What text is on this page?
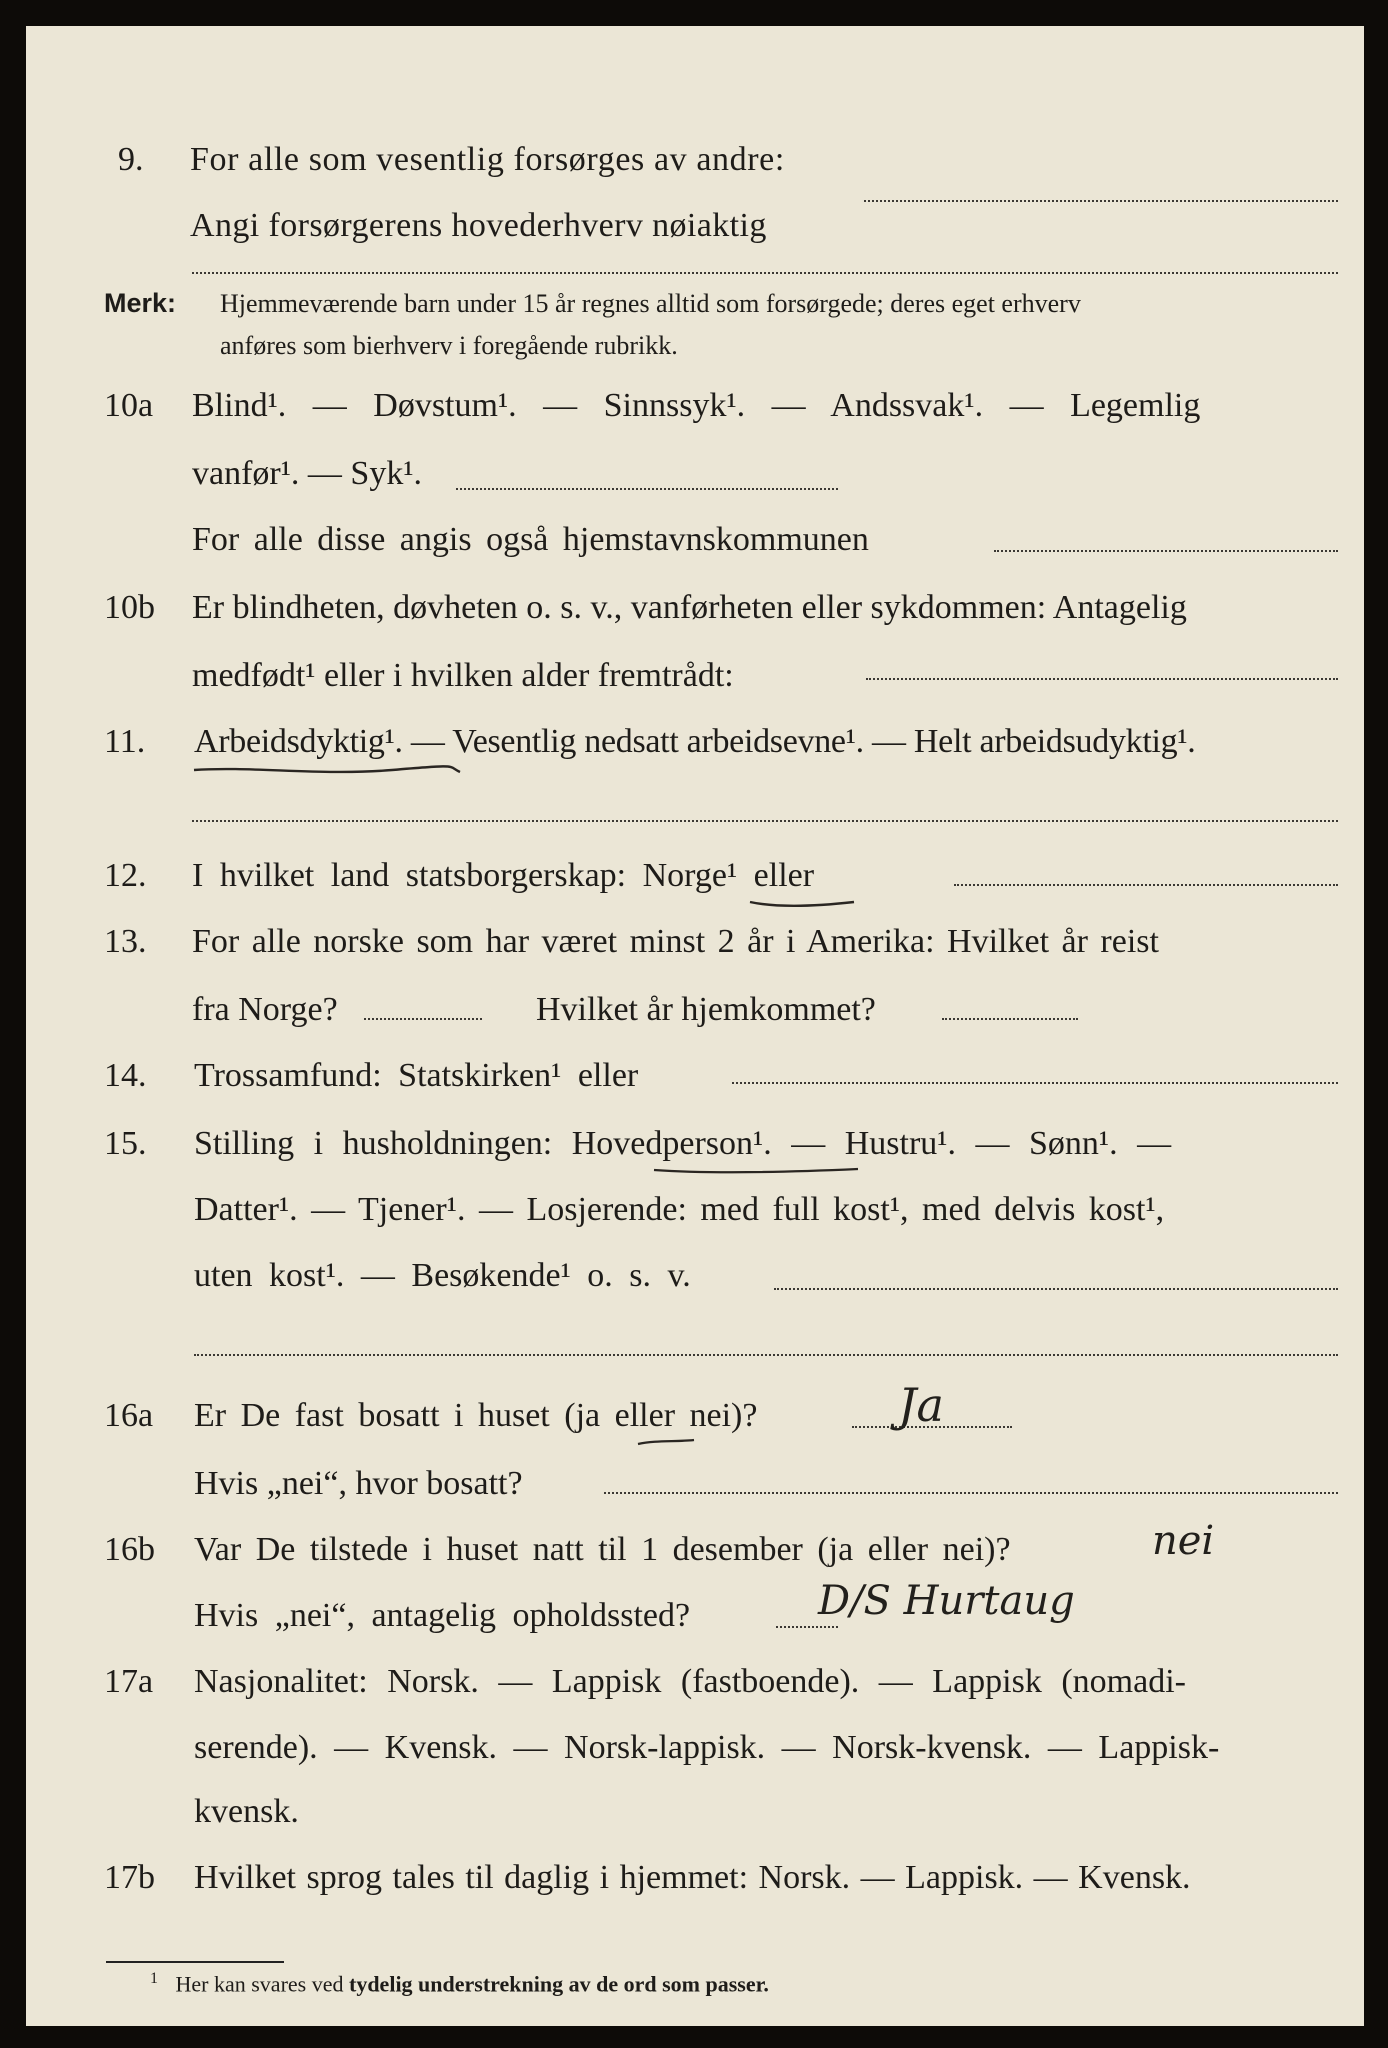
9. For alle som vesentlig forsørges av andre:
Angi forsørgerens hovederhverv nøiaktig
Merk: Hjemmeværende barn under 15 år regnes alltid som forsørgede; deres eget erhverv
anføres som bierhverv i foregående rubrikk.
10a Blind¹. — Døvstum¹. — Sinnssyk¹. — Andssvak¹. — Legemlig
vanfør¹. — Syk¹.
For alle disse angis også hjemstavnskommunen
10b Er blindheten, døvheten o. s. v., vanførheten eller sykdommen: Antagelig
medfødt¹ eller i hvilken alder fremtrådt:
11. Arbeidsdyktig¹. — Vesentlig nedsatt arbeidsevne¹. — Helt arbeidsudyktig¹.
12. I hvilket land statsborgerskap: Norge¹ eller
13. For alle norske som har været minst 2 år i Amerika: Hvilket år reist
fra Norge?	Hvilket år hjemkommet?
14. Trossamfund: Statskirken¹ eller
15. Stilling i husholdningen: Hovedperson¹. — Hustru¹. — Sønn¹. —
Datter¹. — Tjener¹. — Losjerende: med full kost¹, med delvis kost¹,
uten kost¹. — Besøkende¹ o. s. v.
16a Er De fast bosatt i huset (ja eller nei)?	Ja
Hvis „nei“, hvor bosatt?
16b Var De tilstede i huset natt til 1 desember (ja eller nei)?	nei
Hvis „nei“, antagelig opholdssted?	D/S Hurtaug
17a Nasjonalitet: Norsk. — Lappisk (fastboende). — Lappisk (nomadi-
serende). — Kvensk. — Norsk-lappisk. — Norsk-kvensk. — Lappisk-
kvensk.
17b Hvilket sprog tales til daglig i hjemmet: Norsk. — Lappisk. — Kvensk.
$^1$ Her kan svares ved tydelig understrekning av de ord som passer.
